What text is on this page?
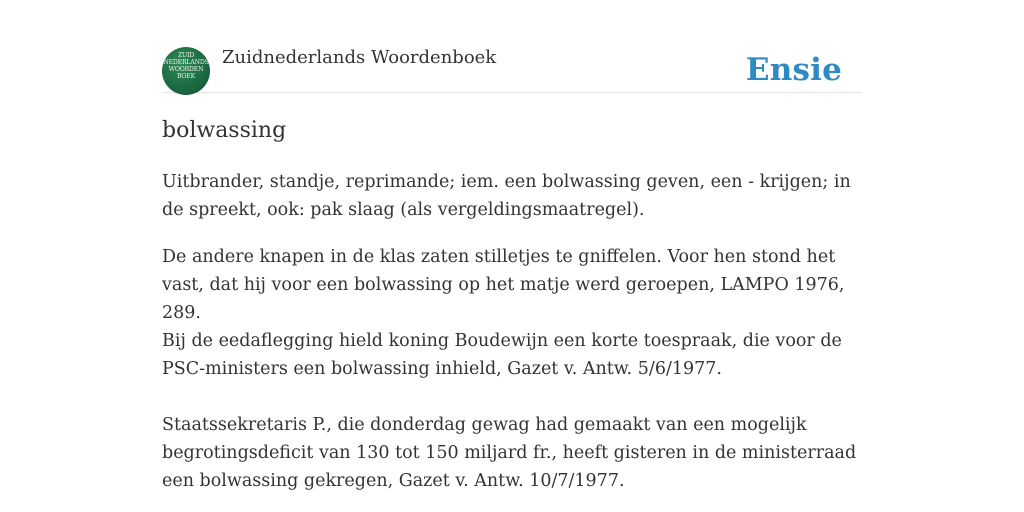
ZUID
NEDERLANDS
WOORDEN
BOEK
Zuidnederlands Woordenboek	Ensie
bolwassing

Uitbrander, standje, reprimande; iem. een bolwassing geven, een - krijgen; in de spreekt, ook: pak slaag (als vergeldingsmaatregel).

De andere knapen in de klas zaten stilletjes te gniffelen. Voor hen stond het vast, dat hij voor een bolwassing op het matje werd geroepen, LAMPO 1976, 289.

Bij de eedaflegging hield koning Boudewijn een korte toespraak, die voor de PSC-ministers een bolwassing inhield, Gazet v. Antw. 5/6/1977.

Staatssekretaris P., die donderdag gewag had gemaakt van een mogelijk begrotingsdeficit van 130 tot 150 miljard fr., heeft gisteren in de ministerraad een bolwassing gekregen, Gazet v. Antw. 10/7/1977.
